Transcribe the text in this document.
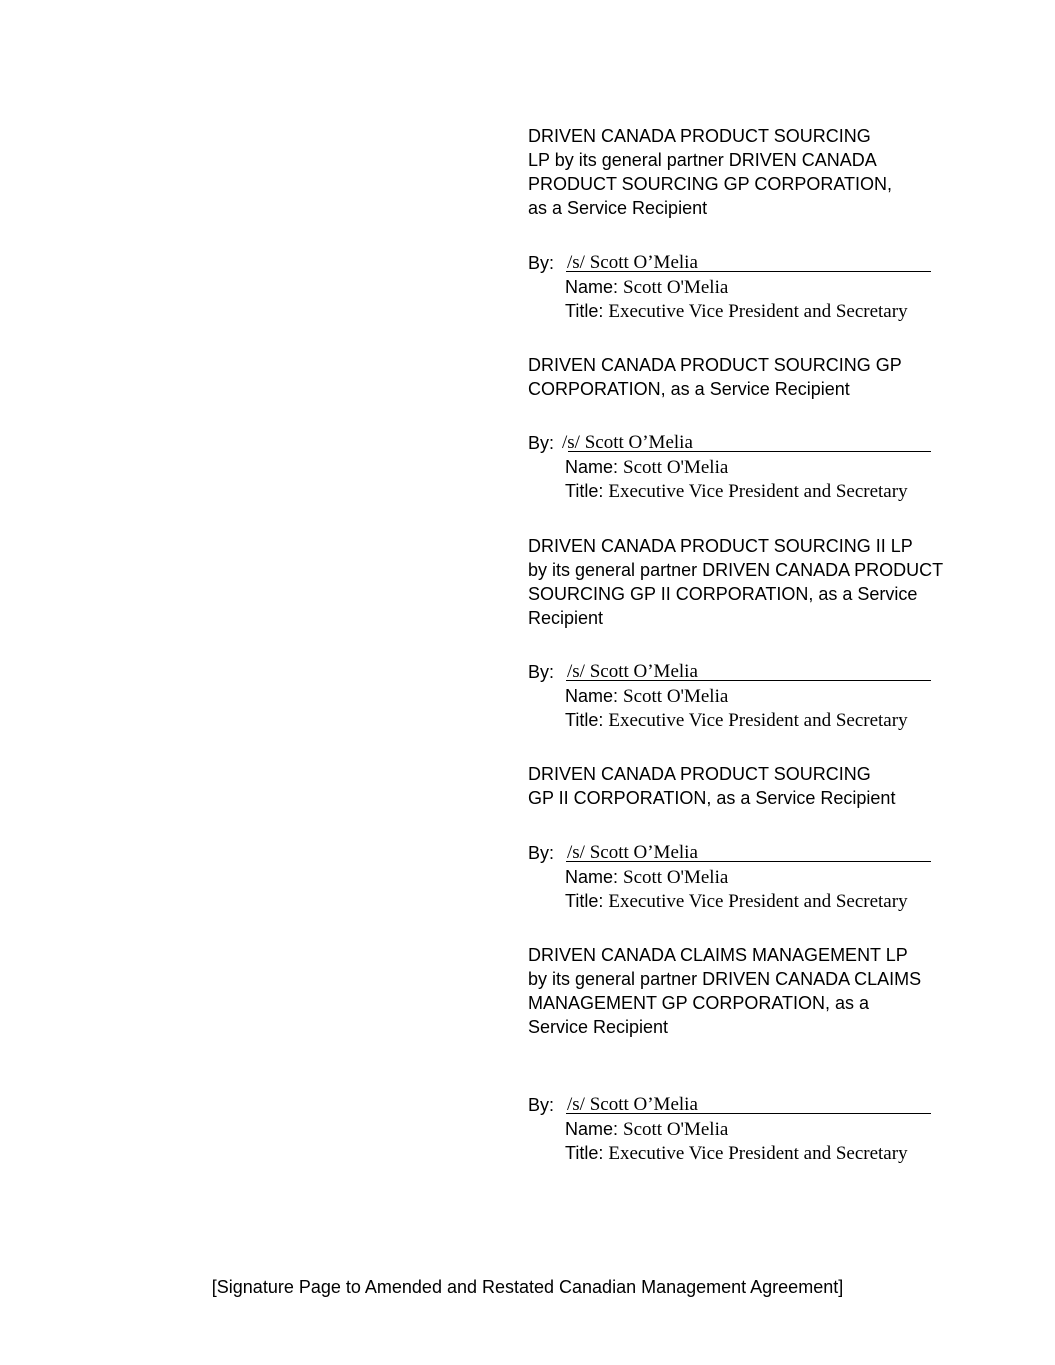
DRIVEN CANADA PRODUCT SOURCING
LP by its general partner DRIVEN CANADA
PRODUCT SOURCING GP CORPORATION,
as a Service Recipient

By: /s/ Scott O’Melia
Name: Scott O'Melia
Title: Executive Vice President and Secretary

DRIVEN CANADA PRODUCT SOURCING GP
CORPORATION, as a Service Recipient

By: /s/ Scott O’Melia
Name: Scott O'Melia
Title: Executive Vice President and Secretary

DRIVEN CANADA PRODUCT SOURCING II LP
by its general partner DRIVEN CANADA PRODUCT
SOURCING GP II CORPORATION, as a Service
Recipient

By: /s/ Scott O’Melia
Name: Scott O'Melia
Title: Executive Vice President and Secretary

DRIVEN CANADA PRODUCT SOURCING
GP II CORPORATION, as a Service Recipient

By: /s/ Scott O’Melia
Name: Scott O'Melia
Title: Executive Vice President and Secretary

DRIVEN CANADA CLAIMS MANAGEMENT LP
by its general partner DRIVEN CANADA CLAIMS
MANAGEMENT GP CORPORATION, as a
Service Recipient

By: /s/ Scott O’Melia
Name: Scott O'Melia
Title: Executive Vice President and Secretary
[Signature Page to Amended and Restated Canadian Management Agreement]
